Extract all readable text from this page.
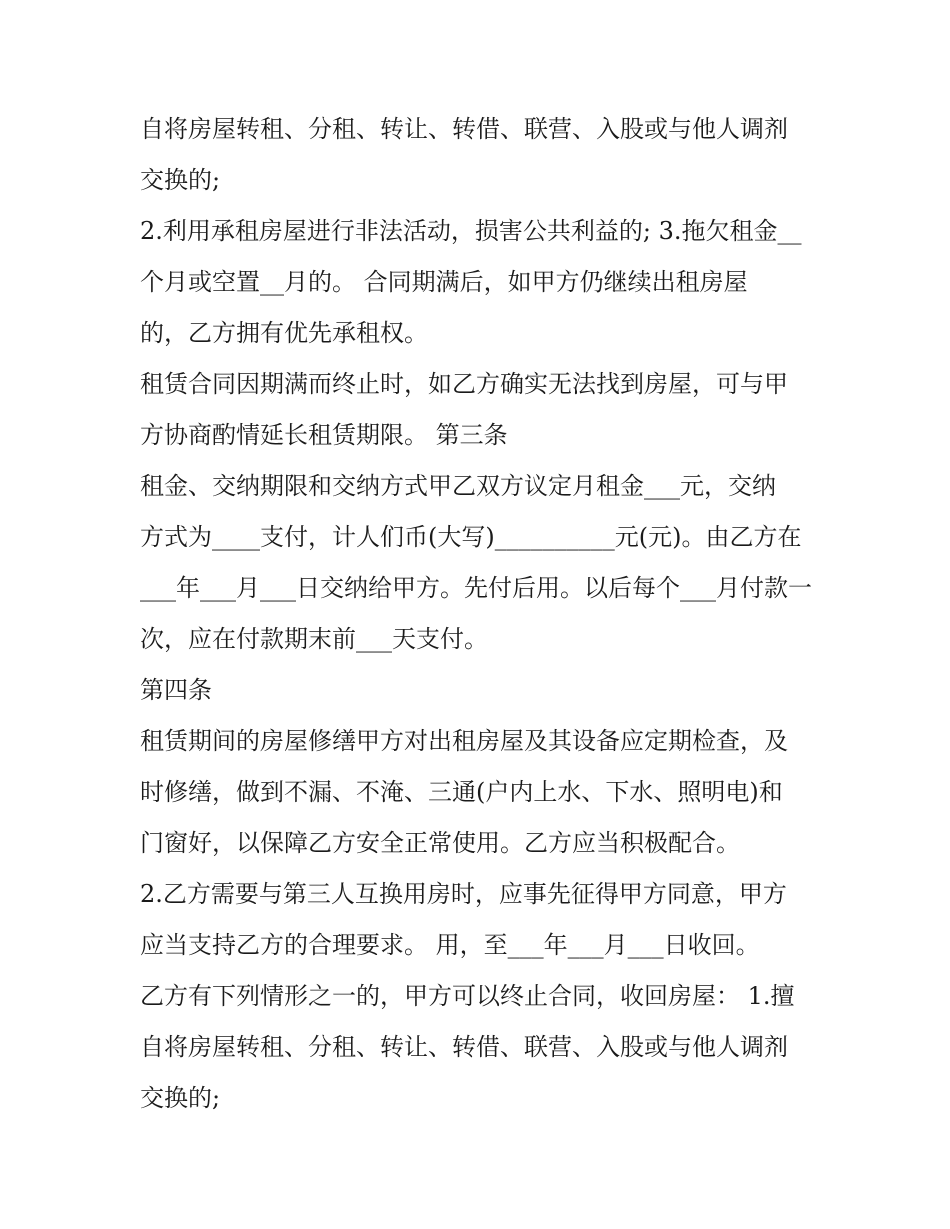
自将房屋转租、分租、转让、转借、联营、入股或与他人调剂
交换的;
2.利用承租房屋进行非法活动，损害公共利益的; 3.拖欠租金__
个月或空置__月的。 合同期满后，如甲方仍继续出租房屋
的，乙方拥有优先承租权。
租赁合同因期满而终止时，如乙方确实无法找到房屋，可与甲
方协商酌情延长租赁期限。 第三条
租金、交纳期限和交纳方式甲乙双方议定月租金___元，交纳
方式为____支付，计人们币(大写)__________元(元)。由乙方在
___年___月___日交纳给甲方。先付后用。以后每个___月付款一
次，应在付款期末前___天支付。
第四条
租赁期间的房屋修缮甲方对出租房屋及其设备应定期检查，及
时修缮，做到不漏、不淹、三通(户内上水、下水、照明电)和
门窗好，以保障乙方安全正常使用。乙方应当积极配合。
2.乙方需要与第三人互换用房时，应事先征得甲方同意，甲方
应当支持乙方的合理要求。 用，至___年___月___日收回。
乙方有下列情形之一的，甲方可以终止合同，收回房屋： 1.擅
自将房屋转租、分租、转让、转借、联营、入股或与他人调剂
交换的;
